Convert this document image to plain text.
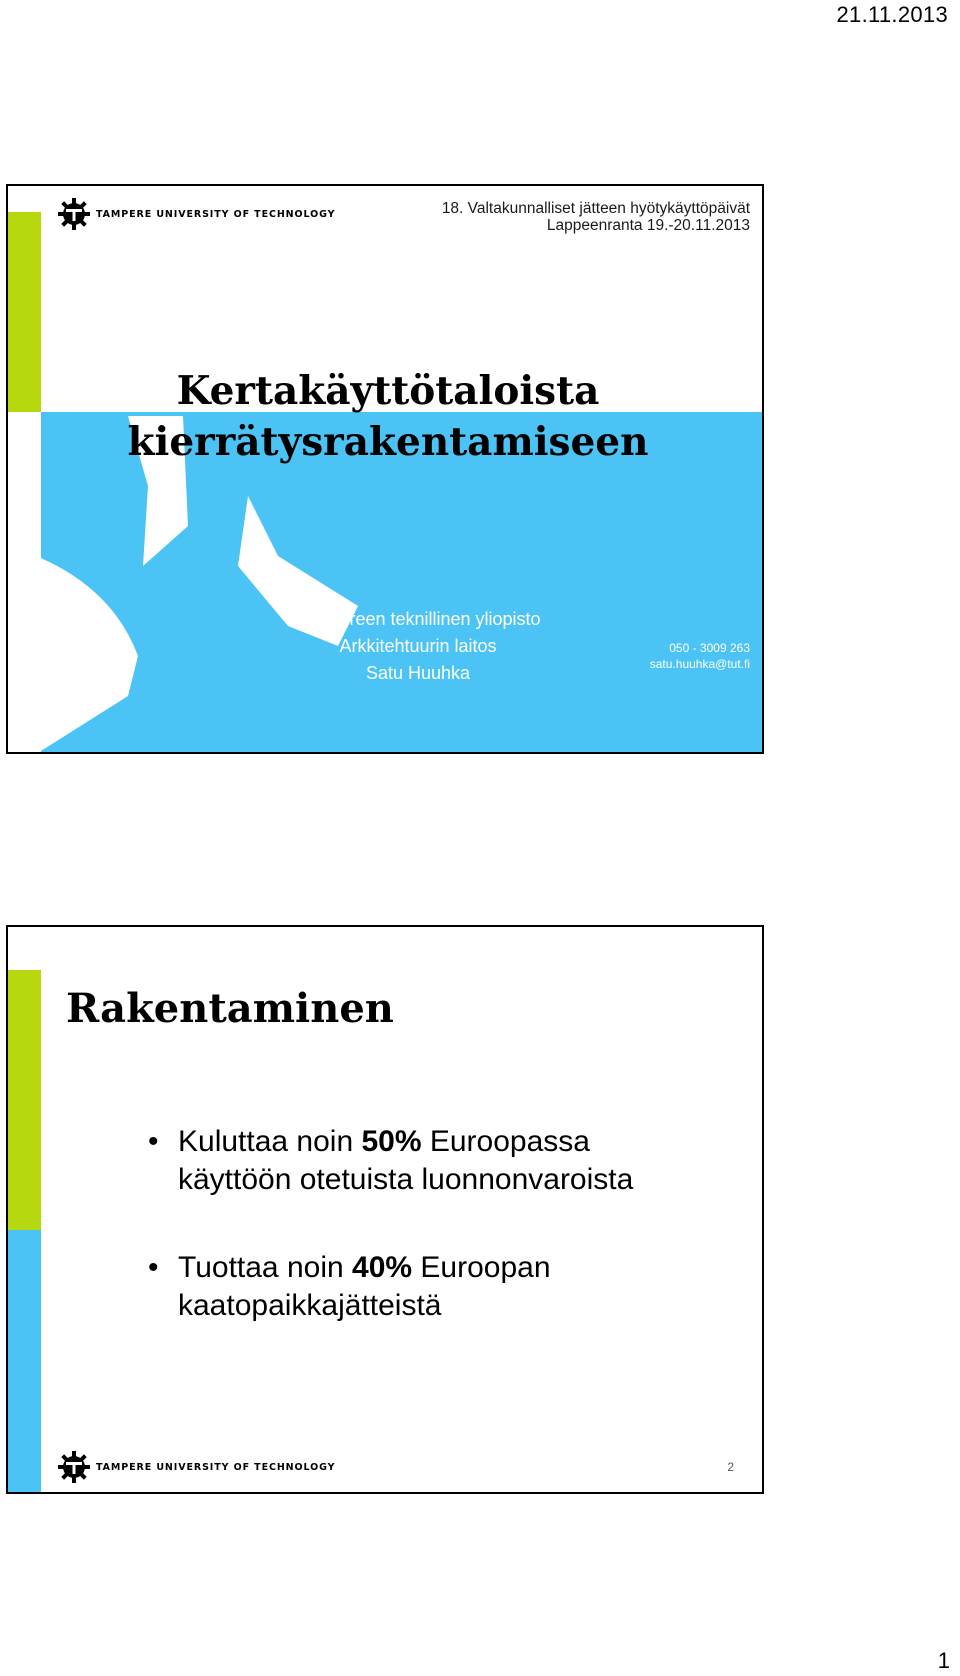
21.11.2013
TAMPERE UNIVERSITY OF TECHNOLOGY	18. Valtakunnalliset jätteen hyötykäyttöpäivät
Lappeenranta 19.-20.11.2013
Kertakäyttötaloista
kierrätysrakentamiseen
Tampereen teknillinen yliopisto
Arkkitehtuurin laitos
Satu Huuhka
050 - 3009 263
satu.huuhka@tut.fi
Rakentaminen
• Kuluttaa noin 50% Euroopassa
käyttöön otetuista luonnonvaroista
• Tuottaa noin 40% Euroopan
kaatopaikkajätteistä
TAMPERE UNIVERSITY OF TECHNOLOGY	2
1
